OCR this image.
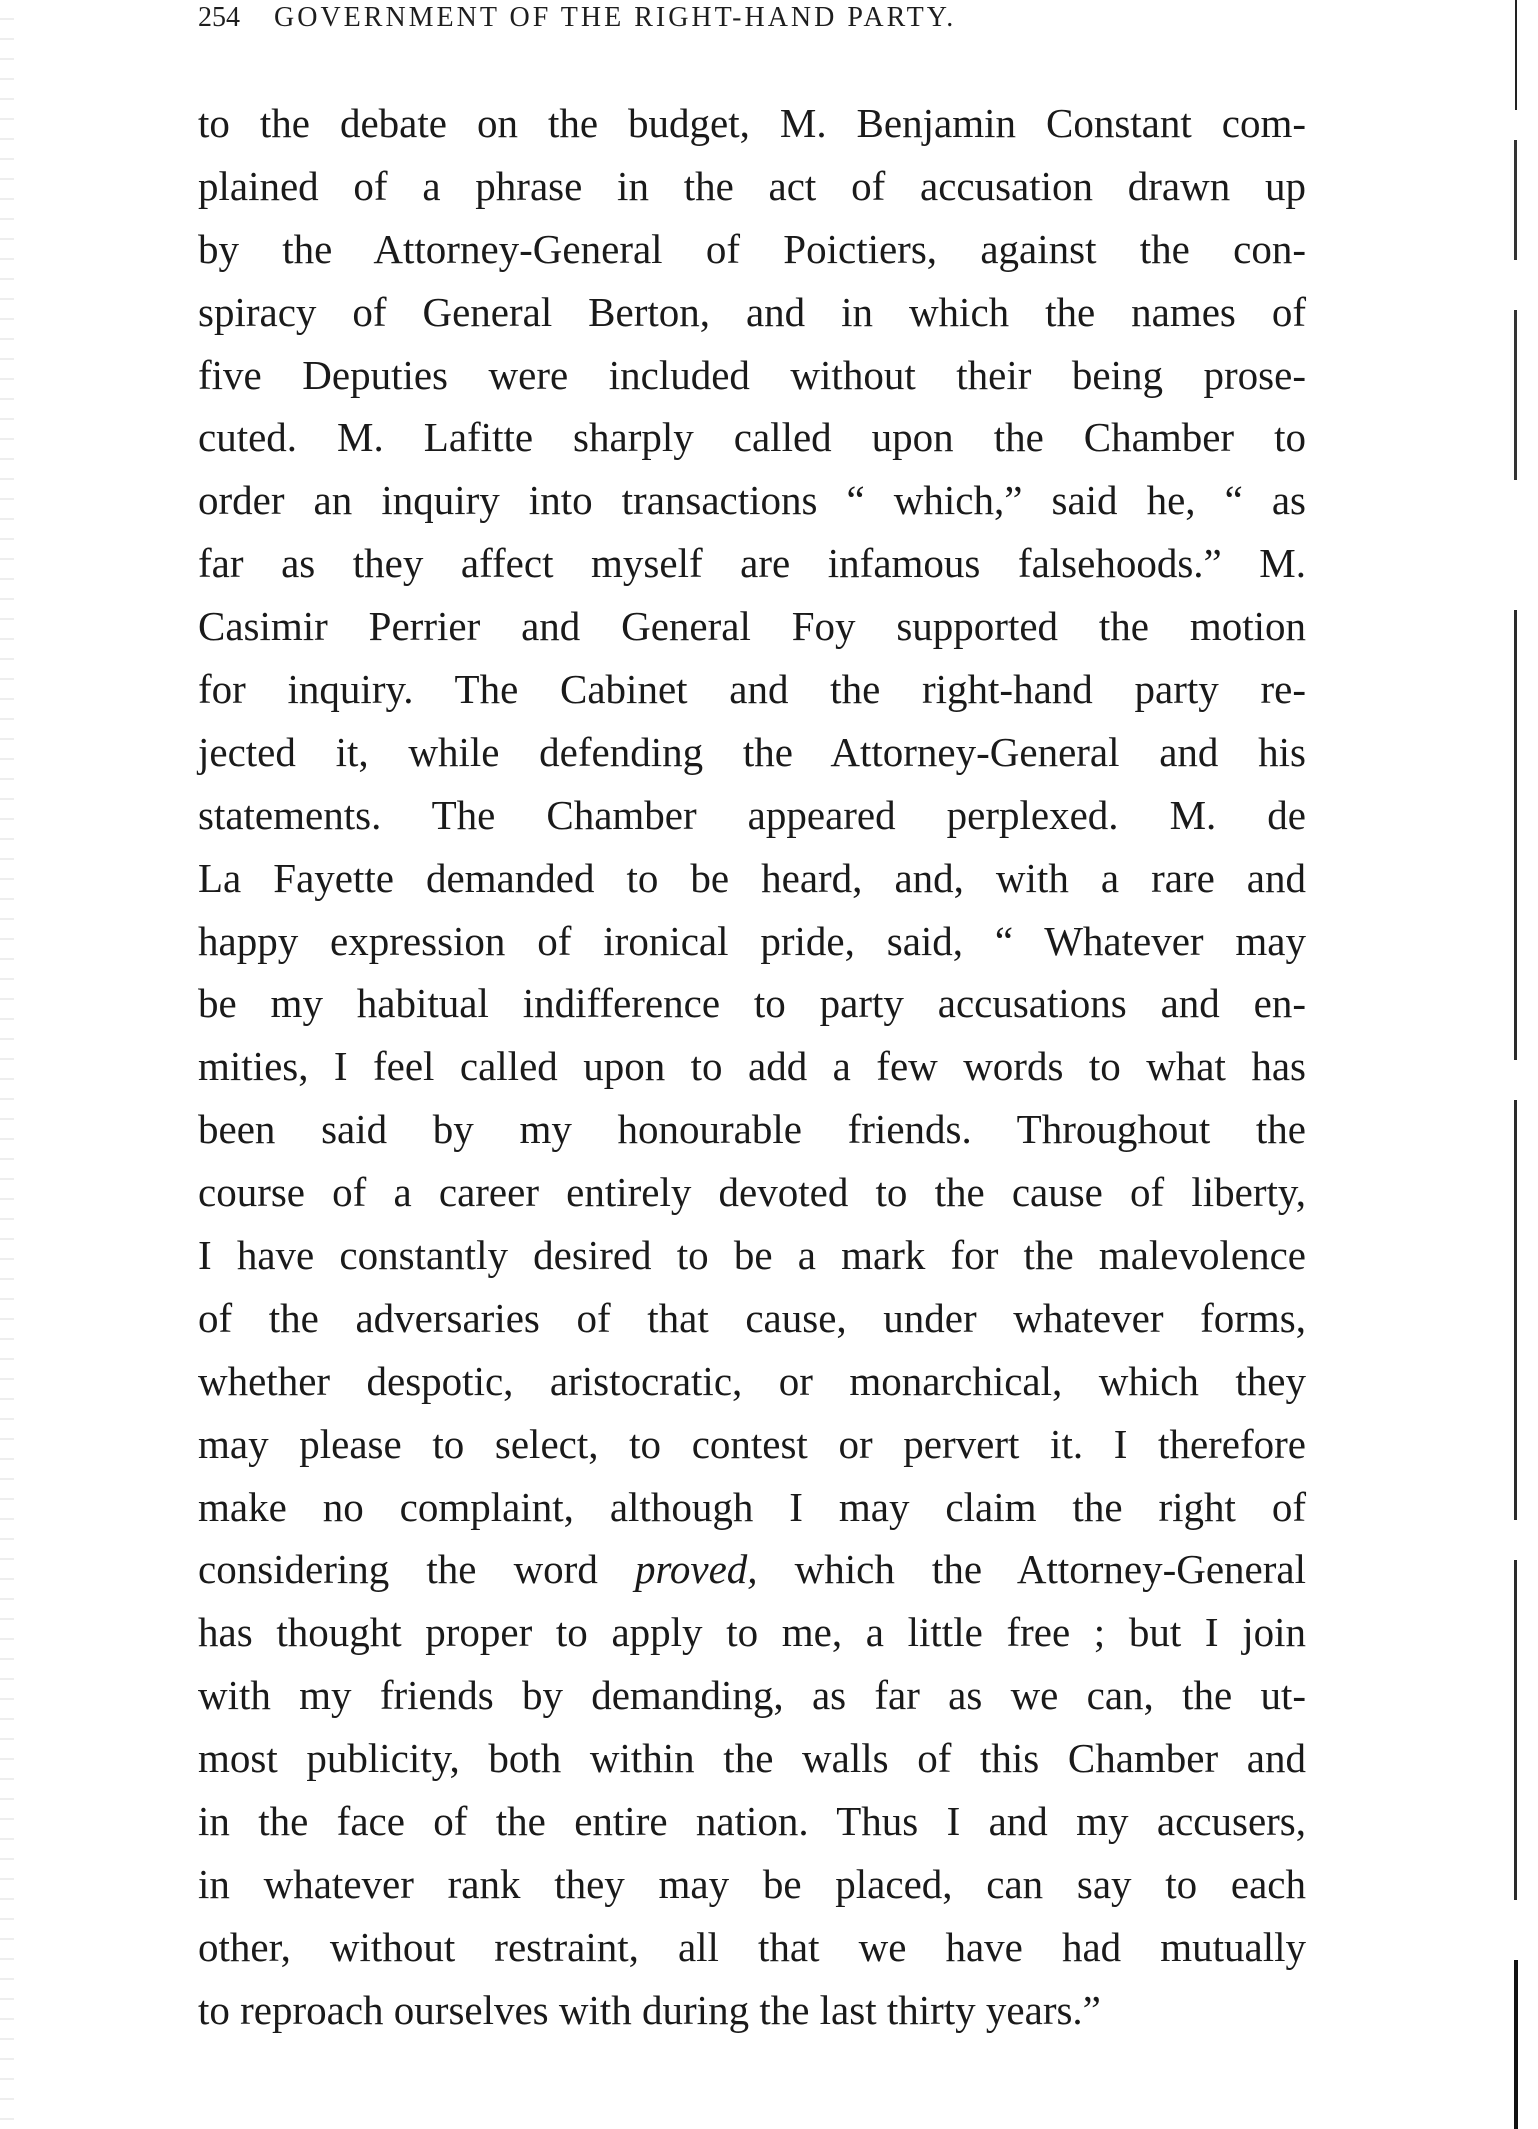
254 GOVERNMENT OF THE RIGHT-HAND PARTY.
to the debate on the budget, M. Benjamin Constant com-
plained of a phrase in the act of accusation drawn up
by the Attorney-General of Poictiers, against the con-
spiracy of General Berton, and in which the names of
five Deputies were included without their being prose-
cuted. M. Lafitte sharply called upon the Chamber to
order an inquiry into transactions “ which,” said he, “ as
far as they affect myself are infamous falsehoods.” M.
Casimir Perrier and General Foy supported the motion
for inquiry. The Cabinet and the right-hand party re-
jected it, while defending the Attorney-General and his
statements. The Chamber appeared perplexed. M. de
La Fayette demanded to be heard, and, with a rare and
happy expression of ironical pride, said, “ Whatever may
be my habitual indifference to party accusations and en-
mities, I feel called upon to add a few words to what has
been said by my honourable friends. Throughout the
course of a career entirely devoted to the cause of liberty,
I have constantly desired to be a mark for the malevolence
of the adversaries of that cause, under whatever forms,
whether despotic, aristocratic, or monarchical, which they
may please to select, to contest or pervert it. I therefore
make no complaint, although I may claim the right of
considering the word proved, which the Attorney-General
has thought proper to apply to me, a little free ; but I join
with my friends by demanding, as far as we can, the ut-
most publicity, both within the walls of this Chamber and
in the face of the entire nation. Thus I and my accusers,
in whatever rank they may be placed, can say to each
other, without restraint, all that we have had mutually
to reproach ourselves with during the last thirty years.”
